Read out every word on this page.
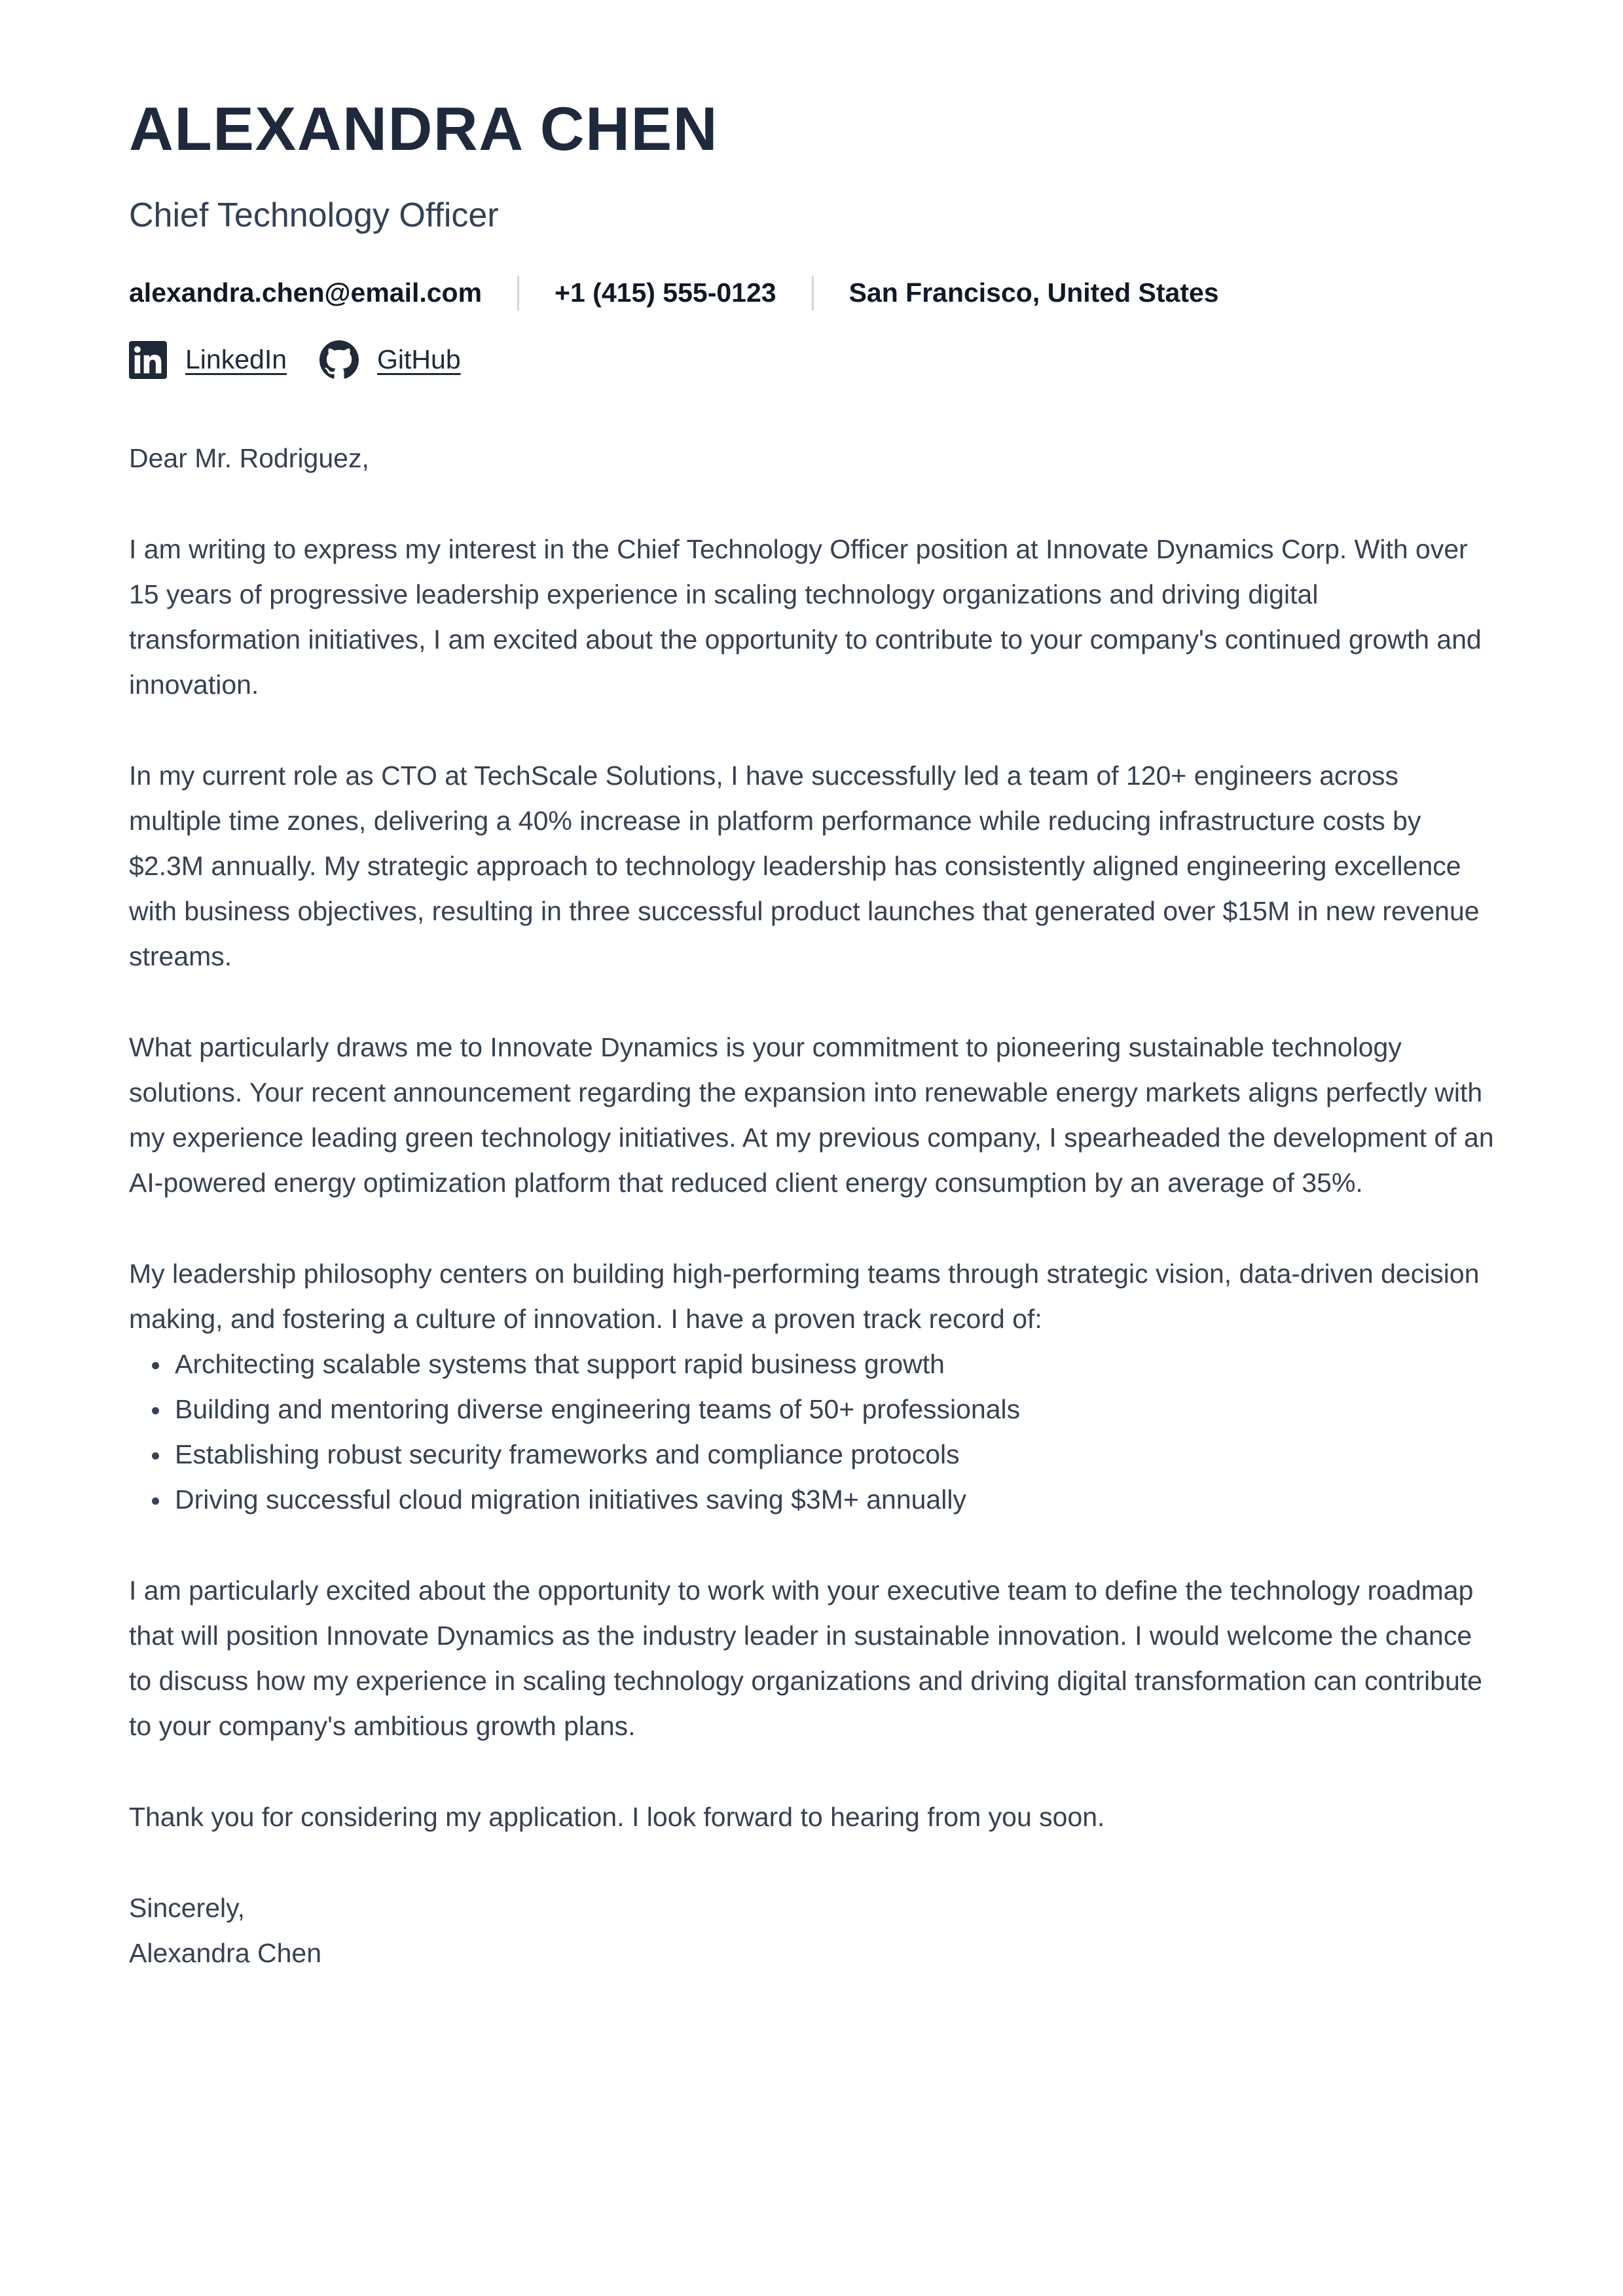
ALEXANDRA CHEN
Chief Technology Officer
alexandra.chen@email.com	+1 (415) 555-0123	San Francisco, United States
LinkedIn	GitHub

Dear Mr. Rodriguez,

I am writing to express my interest in the Chief Technology Officer position at Innovate Dynamics Corp. With over 15 years of progressive leadership experience in scaling technology organizations and driving digital transformation initiatives, I am excited about the opportunity to contribute to your company's continued growth and innovation.

In my current role as CTO at TechScale Solutions, I have successfully led a team of 120+ engineers across multiple time zones, delivering a 40% increase in platform performance while reducing infrastructure costs by $2.3M annually. My strategic approach to technology leadership has consistently aligned engineering excellence with business objectives, resulting in three successful product launches that generated over $15M in new revenue streams.

What particularly draws me to Innovate Dynamics is your commitment to pioneering sustainable technology solutions. Your recent announcement regarding the expansion into renewable energy markets aligns perfectly with my experience leading green technology initiatives. At my previous company, I spearheaded the development of an AI-powered energy optimization platform that reduced client energy consumption by an average of 35%.

My leadership philosophy centers on building high-performing teams through strategic vision, data-driven decision making, and fostering a culture of innovation. I have a proven track record of:

• Architecting scalable systems that support rapid business growth
• Building and mentoring diverse engineering teams of 50+ professionals
• Establishing robust security frameworks and compliance protocols
• Driving successful cloud migration initiatives saving $3M+ annually

I am particularly excited about the opportunity to work with your executive team to define the technology roadmap that will position Innovate Dynamics as the industry leader in sustainable innovation. I would welcome the chance to discuss how my experience in scaling technology organizations and driving digital transformation can contribute to your company's ambitious growth plans.

Thank you for considering my application. I look forward to hearing from you soon.

Sincerely,

Alexandra Chen
